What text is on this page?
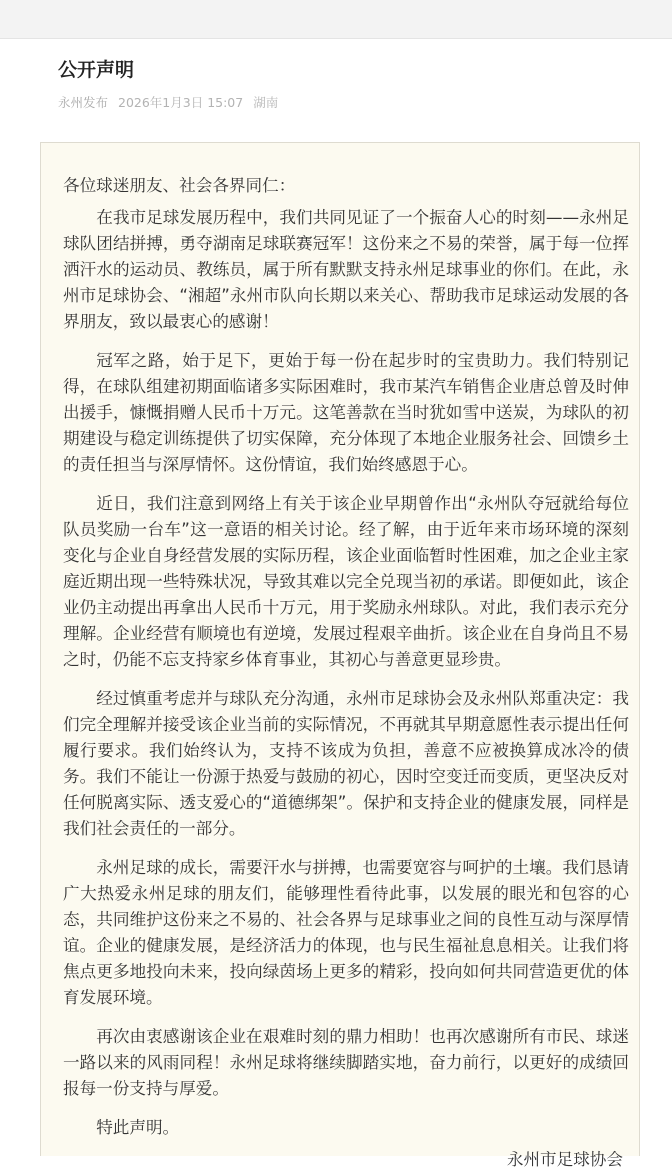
公开声明
永州发布 2026年1月3日 15:07 湖南

各位球迷朋友、社会各界同仁：

在我市足球发展历程中，我们共同见证了一个振奋人心的时刻——永州足球队团结拼搏，勇夺湖南足球联赛冠军！这份来之不易的荣誉，属于每一位挥洒汗水的运动员、教练员，属于所有默默支持永州足球事业的你们。在此，永州市足球协会、“湘超”永州市队向长期以来关心、帮助我市足球运动发展的各界朋友，致以最衷心的感谢！

冠军之路，始于足下，更始于每一份在起步时的宝贵助力。我们特别记得，在球队组建初期面临诸多实际困难时，我市某汽车销售企业唐总曾及时伸出援手，慷慨捐赠人民币十万元。这笔善款在当时犹如雪中送炭，为球队的初期建设与稳定训练提供了切实保障，充分体现了本地企业服务社会、回馈乡土的责任担当与深厚情怀。这份情谊，我们始终感恩于心。

近日，我们注意到网络上有关于该企业早期曾作出“永州队夺冠就给每位队员奖励一台车”这一意语的相关讨论。经了解，由于近年来市场环境的深刻变化与企业自身经营发展的实际历程，该企业面临暂时性困难，加之企业主家庭近期出现一些特殊状况，导致其难以完全兑现当初的承诺。即便如此，该企业仍主动提出再拿出人民币十万元，用于奖励永州球队。对此，我们表示充分理解。企业经营有顺境也有逆境，发展过程艰辛曲折。该企业在自身尚且不易之时，仍能不忘支持家乡体育事业，其初心与善意更显珍贵。

经过慎重考虑并与球队充分沟通，永州市足球协会及永州队郑重决定：我们完全理解并接受该企业当前的实际情况，不再就其早期意愿性表示提出任何履行要求。我们始终认为，支持不该成为负担，善意不应被换算成冰冷的债务。我们不能让一份源于热爱与鼓励的初心，因时空变迁而变质，更坚决反对任何脱离实际、透支爱心的“道德绑架”。保护和支持企业的健康发展，同样是我们社会责任的一部分。

永州足球的成长，需要汗水与拼搏，也需要宽容与呵护的土壤。我们恳请广大热爱永州足球的朋友们，能够理性看待此事，以发展的眼光和包容的心态，共同维护这份来之不易的、社会各界与足球事业之间的良性互动与深厚情谊。企业的健康发展，是经济活力的体现，也与民生福祉息息相关。让我们将焦点更多地投向未来，投向绿茵场上更多的精彩，投向如何共同营造更优的体育发展环境。

再次由衷感谢该企业在艰难时刻的鼎力相助！也再次感谢所有市民、球迷一路以来的风雨同程！永州足球将继续脚踏实地，奋力前行，以更好的成绩回报每一份支持与厚爱。

特此声明。

永州市足球协会
